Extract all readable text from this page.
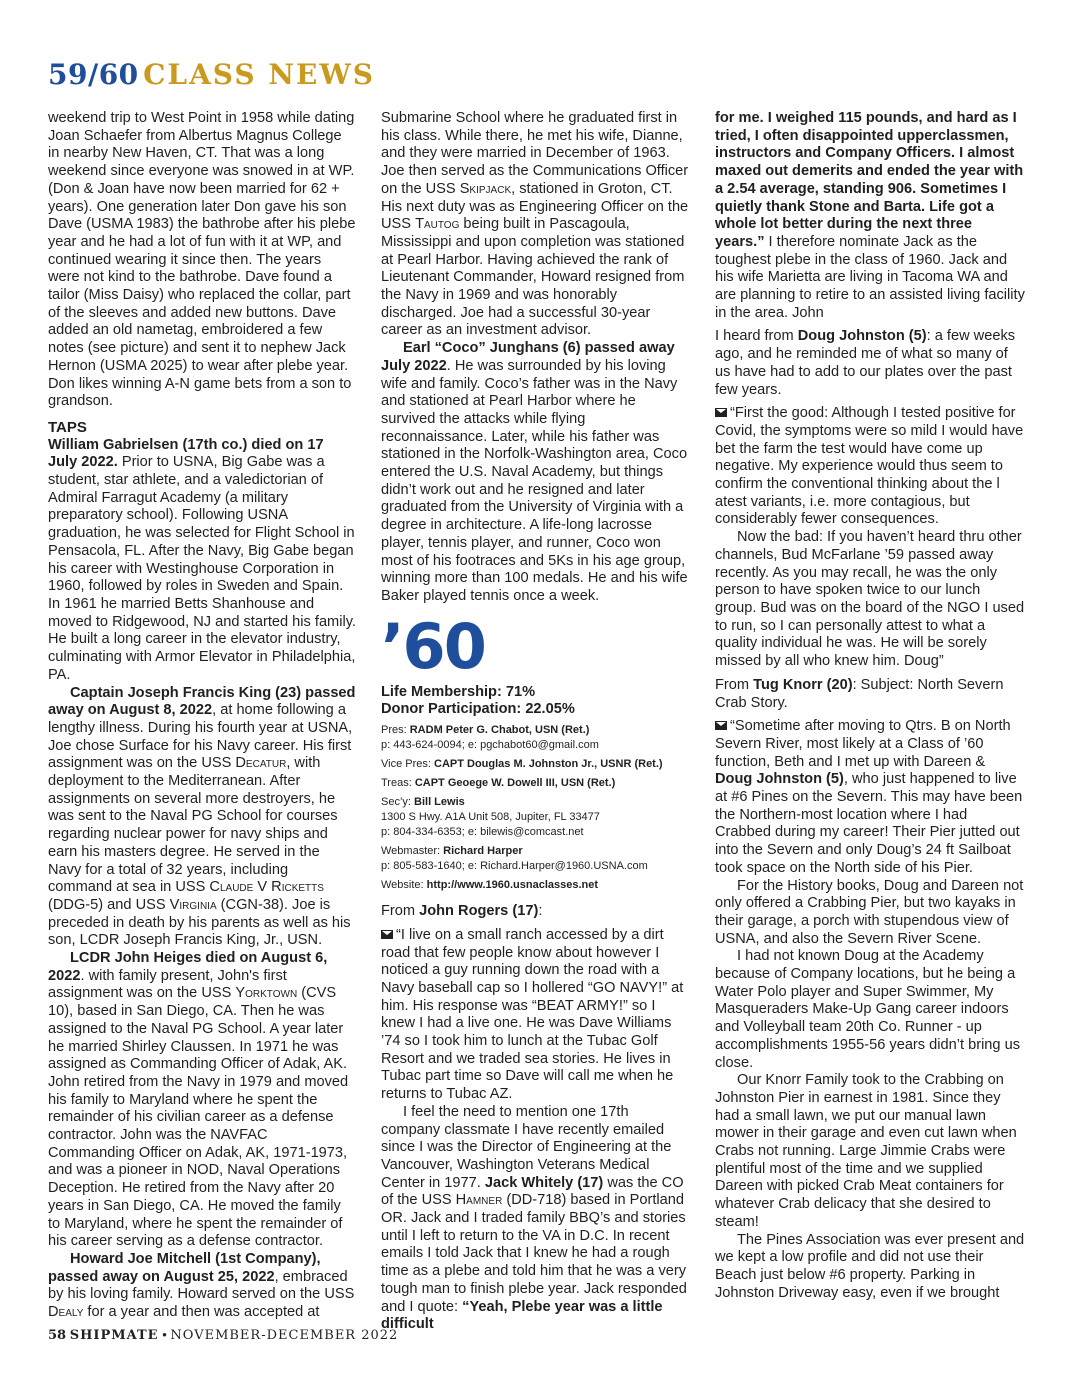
59/60 CLASS NEWS

weekend trip to West Point in 1958 while dating Joan Schaefer from Albertus Magnus College in nearby New Haven, CT. That was a long weekend since everyone was snowed in at WP. (Don & Joan have now been married for 62 + years). One generation later Don gave his son Dave (USMA 1983) the bathrobe after his plebe year and he had a lot of fun with it at WP, and continued wearing it since then. The years were not kind to the bathrobe. Dave found a tailor (Miss Daisy) who replaced the collar, part of the sleeves and added new buttons. Dave added an old nametag, embroidered a few notes (see picture) and sent it to nephew Jack Hernon (USMA 2025) to wear after plebe year. Don likes winning A-N game bets from a son to grandson.

TAPS

William Gabrielsen (17th co.) died on 17 July 2022. Prior to USNA, Big Gabe was a student, star athlete, and a valedictorian of Admiral Farragut Academy (a military preparatory school). Following USNA graduation, he was selected for Flight School in Pensacola, FL. After the Navy, Big Gabe began his career with Westinghouse Corporation in 1960, followed by roles in Sweden and Spain. In 1961 he married Betts Shanhouse and moved to Ridgewood, NJ and started his family. He built a long career in the elevator industry, culminating with Armor Elevator in Philadelphia, PA.

Captain Joseph Francis King (23) passed away on August 8, 2022, at home following a lengthy illness. During his fourth year at USNA, Joe chose Surface for his Navy career. His first assignment was on the USS Decatur, with deployment to the Mediterranean. After assignments on several more destroyers, he was sent to the Naval PG School for courses regarding nuclear power for navy ships and earn his masters degree. He served in the Navy for a total of 32 years, including command at sea in USS Claude V Ricketts (DDG-5) and USS Virginia (CGN-38). Joe is preceded in death by his parents as well as his son, LCDR Joseph Francis King, Jr., USN.

LCDR John Heiges died on August 6, 2022. with family present, John's first assignment was on the USS Yorktown (CVS 10), based in San Diego, CA. Then he was assigned to the Naval PG School. A year later he married Shirley Claussen. In 1971 he was assigned as Commanding Officer of Adak, AK. John retired from the Navy in 1979 and moved his family to Maryland where he spent the remainder of his civilian career as a defense contractor. John was the NAVFAC Commanding Officer on Adak, AK, 1971-1973, and was a pioneer in NOD, Naval Operations Deception. He retired from the Navy after 20 years in San Diego, CA. He moved the family to Maryland, where he spent the remainder of his career serving as a defense contractor.

Howard Joe Mitchell (1st Company), passed away on August 25, 2022, embraced by his loving family. Howard served on the USS Dealy for a year and then was accepted at

Submarine School where he graduated first in his class. While there, he met his wife, Dianne, and they were married in December of 1963. Joe then served as the Communications Officer on the USS Skipjack, stationed in Groton, CT. His next duty was as Engineering Officer on the USS Tautog being built in Pascagoula, Mississippi and upon completion was stationed at Pearl Harbor. Having achieved the rank of Lieutenant Commander, Howard resigned from the Navy in 1969 and was honorably discharged. Joe had a successful 30-year career as an investment advisor.

Earl “Coco” Junghans (6) passed away July 2022. He was surrounded by his loving wife and family. Coco’s father was in the Navy and stationed at Pearl Harbor where he survived the attacks while flying reconnaissance. Later, while his father was stationed in the Norfolk-Washington area, Coco entered the U.S. Naval Academy, but things didn’t work out and he resigned and later graduated from the University of Virginia with a degree in architecture. A life-long lacrosse player, tennis player, and runner, Coco won most of his footraces and 5Ks in his age group, winning more than 100 medals. He and his wife Baker played tennis once a week.

’60

Life Membership: 71%

Donor Participation: 22.05%

Pres: RADM Peter G. Chabot, USN (Ret.)
p: 443-624-0094; e: pgchabot60@gmail.com
Vice Pres: CAPT Douglas M. Johnston Jr., USNR (Ret.)
Treas: CAPT Geoege W. Dowell III, USN (Ret.)
Sec’y: Bill Lewis
1300 S Hwy. A1A Unit 508, Jupiter, FL 33477
p: 804-334-6353; e: bilewis@comcast.net
Webmaster: Richard Harper
p: 805-583-1640; e: Richard.Harper@1960.USNA.com
Website: http://www.1960.usnaclasses.net

From John Rogers (17):

“I live on a small ranch accessed by a dirt road that few people know about however I noticed a guy running down the road with a Navy baseball cap so I hollered “GO NAVY!” at him. His response was “BEAT ARMY!” so I knew I had a live one. He was Dave Williams ’74 so I took him to lunch at the Tubac Golf Resort and we traded sea stories. He lives in Tubac part time so Dave will call me when he returns to Tubac AZ.

I feel the need to mention one 17th company classmate I have recently emailed since I was the Director of Engineering at the Vancouver, Washington Veterans Medical Center in 1977. Jack Whitely (17) was the CO of the USS Hamner (DD-718) based in Portland OR. Jack and I traded family BBQ’s and stories until I left to return to the VA in D.C. In recent emails I told Jack that I knew he had a rough time as a plebe and told him that he was a very tough man to finish plebe year. Jack responded and I quote: “Yeah, Plebe year was a little difficult

for me. I weighed 115 pounds, and hard as I tried, I often disappointed upperclassmen, instructors and Company Officers. I almost maxed out demerits and ended the year with a 2.54 average, standing 906. Sometimes I quietly thank Stone and Barta. Life got a whole lot better during the next three years.” I therefore nominate Jack as the toughest plebe in the class of 1960. Jack and his wife Marietta are living in Tacoma WA and are planning to retire to an assisted living facility in the area. John

I heard from Doug Johnston (5): a few weeks ago, and he reminded me of what so many of us have had to add to our plates over the past few years.

“First the good: Although I tested positive for Covid, the symptoms were so mild I would have bet the farm the test would have come up negative. My experience would thus seem to confirm the conventional thinking about the l atest variants, i.e. more contagious, but considerably fewer consequences.

Now the bad: If you haven’t heard thru other channels, Bud McFarlane ’59 passed away recently. As you may recall, he was the only person to have spoken twice to our lunch group. Bud was on the board of the NGO I used to run, so I can personally attest to what a quality individual he was. He will be sorely missed by all who knew him. Doug”

From Tug Knorr (20): Subject: North Severn Crab Story.

“Sometime after moving to Qtrs. B on North Severn River, most likely at a Class of ’60 function, Beth and I met up with Dareen & Doug Johnston (5), who just happened to live at #6 Pines on the Severn. This may have been the Northern-most location where I had Crabbed during my career! Their Pier jutted out into the Severn and only Doug’s 24 ft Sailboat took space on the North side of his Pier.

For the History books, Doug and Dareen not only offered a Crabbing Pier, but two kayaks in their garage, a porch with stupendous view of USNA, and also the Severn River Scene.

I had not known Doug at the Academy because of Company locations, but he being a Water Polo player and Super Swimmer, My Masqueraders Make-Up Gang career indoors and Volleyball team 20th Co. Runner - up accomplishments 1955-56 years didn’t bring us close.

Our Knorr Family took to the Crabbing on Johnston Pier in earnest in 1981. Since they had a small lawn, we put our manual lawn mower in their garage and even cut lawn when Crabs not running. Large Jimmie Crabs were plentiful most of the time and we supplied Dareen with picked Crab Meat containers for whatever Crab delicacy that she desired to steam!

The Pines Association was ever present and we kept a low profile and did not use their Beach just below #6 property. Parking in Johnston Driveway easy, even if we brought

58 SHIPMATE • NOVEMBER-DECEMBER 2022
